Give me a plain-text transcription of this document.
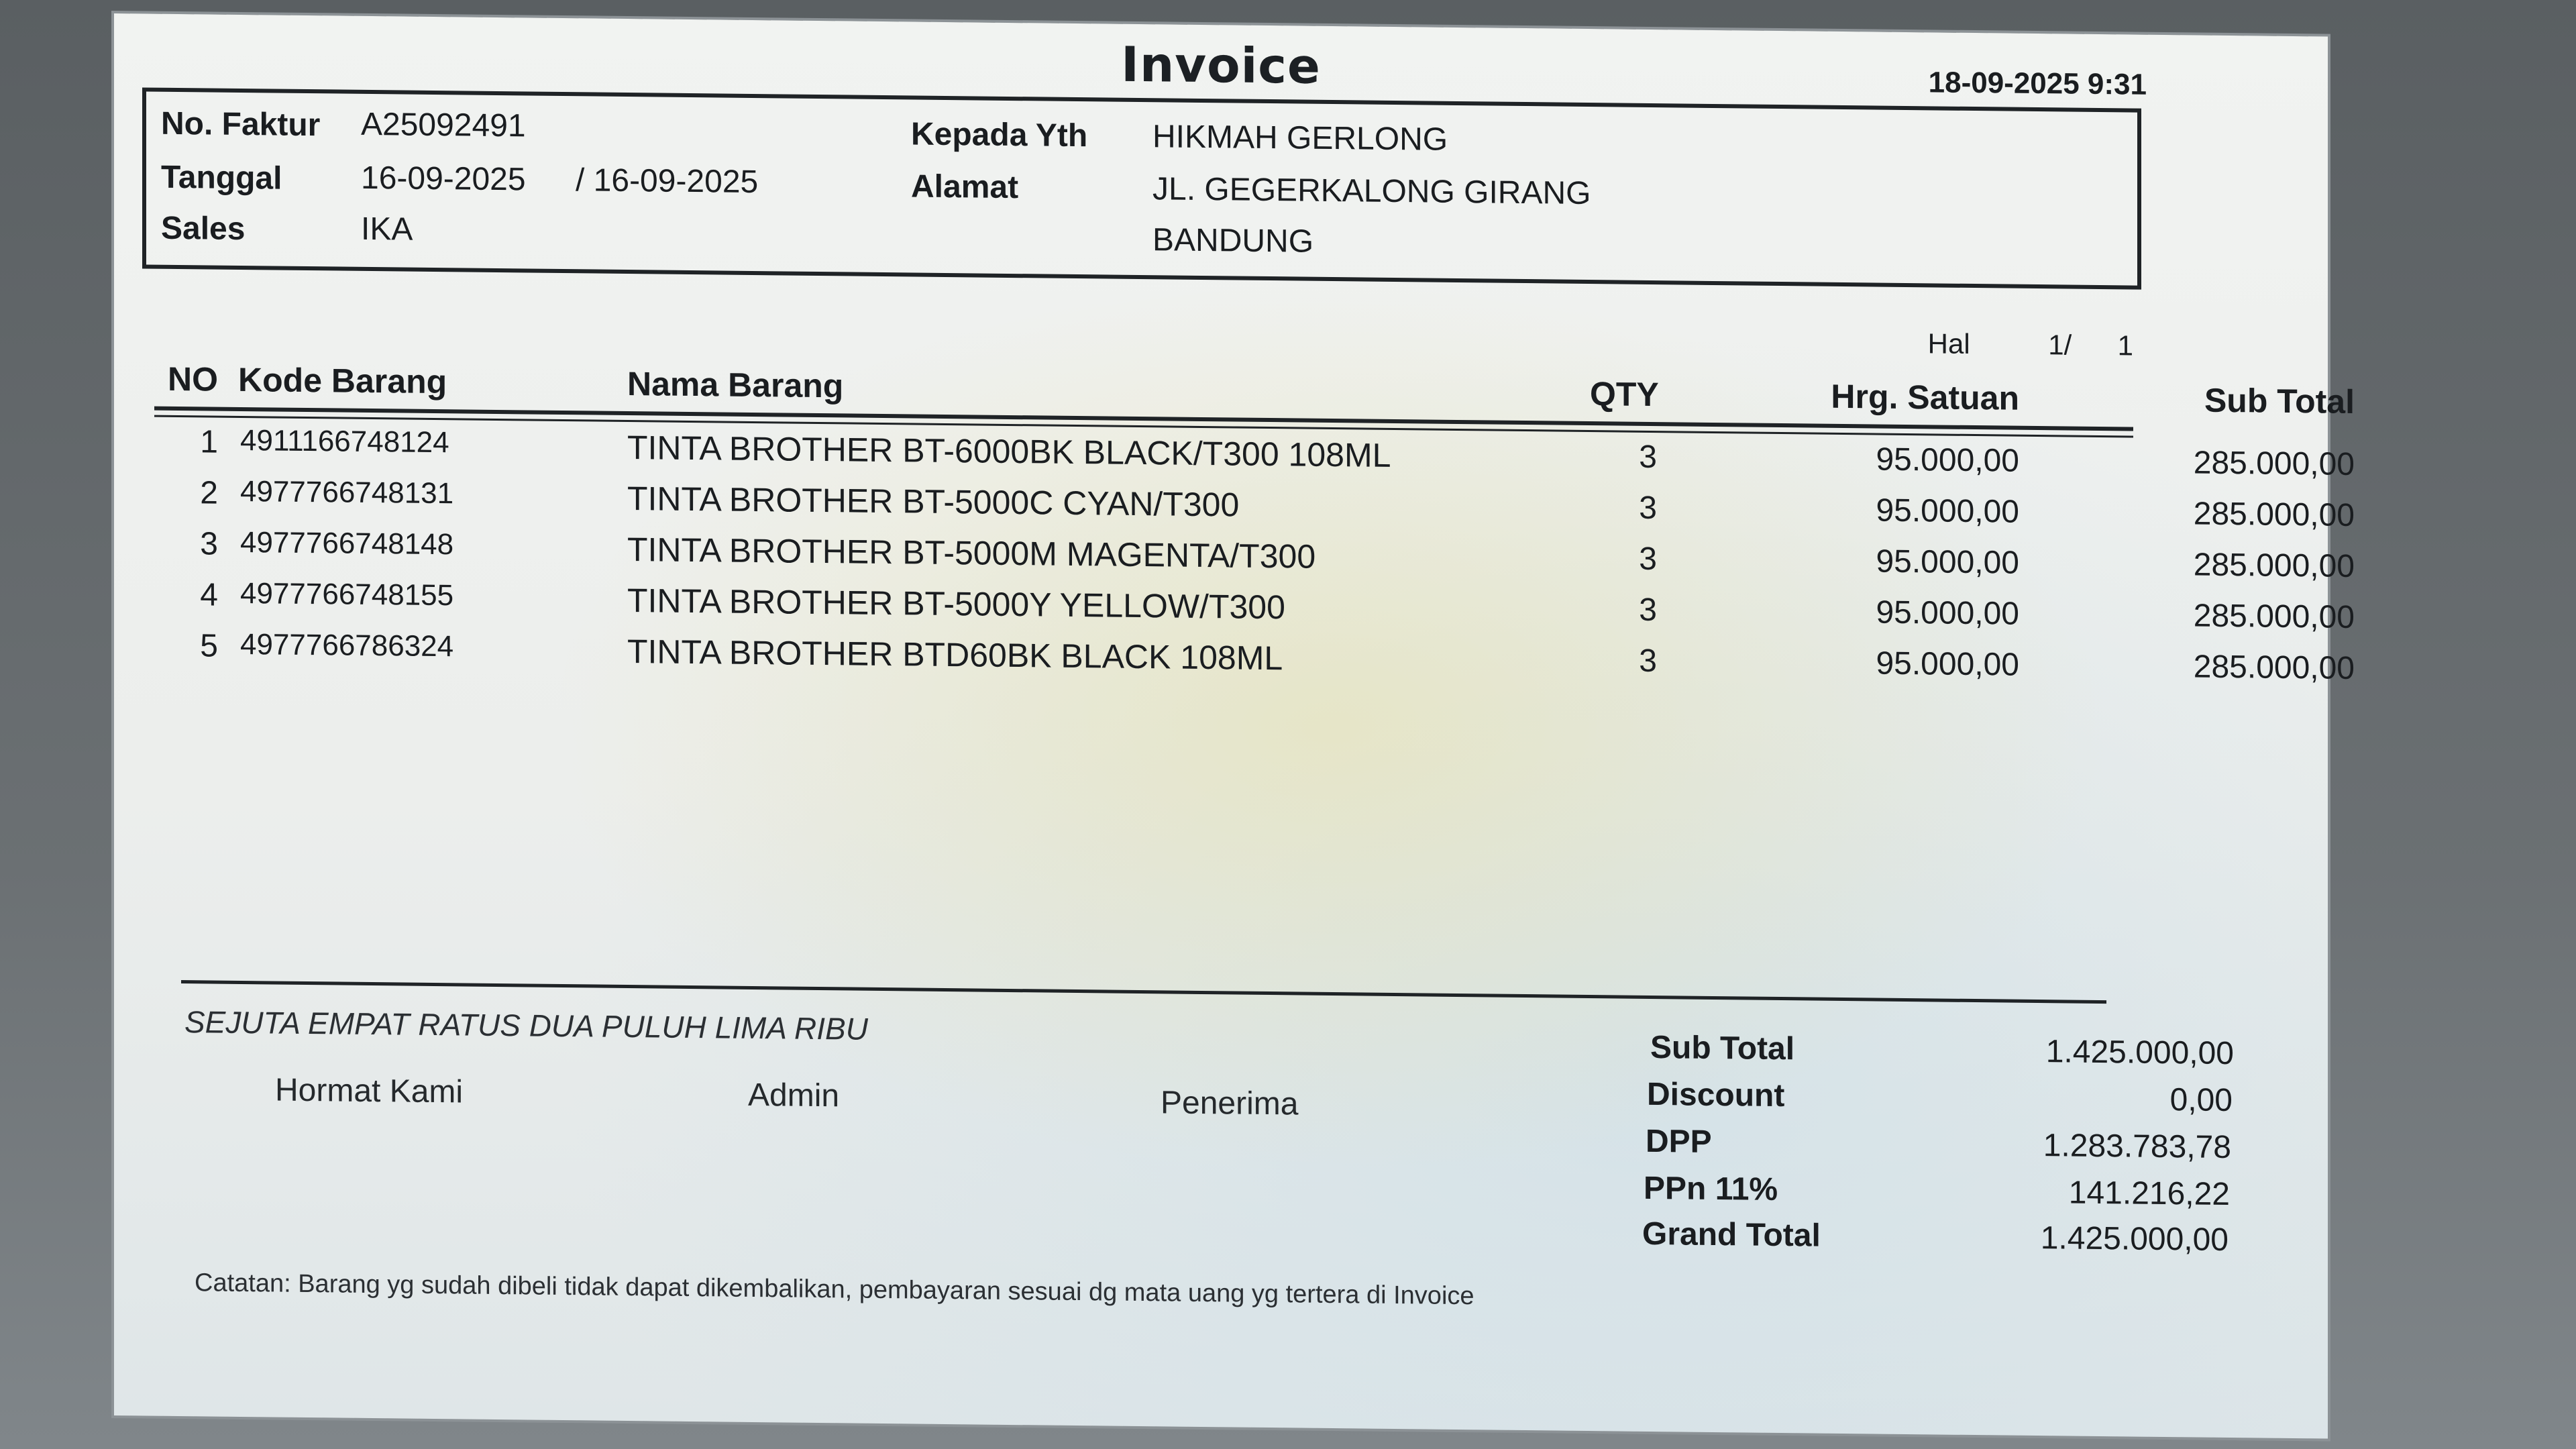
Invoice	18-09-2025 9:31
No. Faktur A25092491
Tanggal 16-09-2025 / 16-09-2025
Sales	IKA
Kepada Yth HIKMAH GERLONG
Alamat	JL. GEGERKALONG GIRANG
BANDUNG
Hal	1/ 1
NO Kode Barang	Nama Barang	QTY	Hrg. Satuan	Sub Total
1 4911166748124	TINTA BROTHER BT-6000BK BLACK/T300 108ML	3	95.000,00	285.000,00
2 4977766748131	TINTA BROTHER BT-5000C CYAN/T300	3	95.000,00	285.000,00
3 4977766748148	TINTA BROTHER BT-5000M MAGENTA/T300	3	95.000,00	285.000,00
4 4977766748155	TINTA BROTHER BT-5000Y YELLOW/T300	3	95.000,00	285.000,00
5 4977766786324	TINTA BROTHER BTD60BK BLACK 108ML	3	95.000,00	285.000,00
SEJUTA EMPAT RATUS DUA PULUH LIMA RIBU
Hormat Kami	Admin	Penerima
Sub Total	1.425.000,00
Discount	0,00
DPP	1.283.783,78
PPn 11%	141.216,22
Grand Total	1.425.000,00
Catatan: Barang yg sudah dibeli tidak dapat dikembalikan, pembayaran sesuai dg mata uang yg tertera di Invoice
